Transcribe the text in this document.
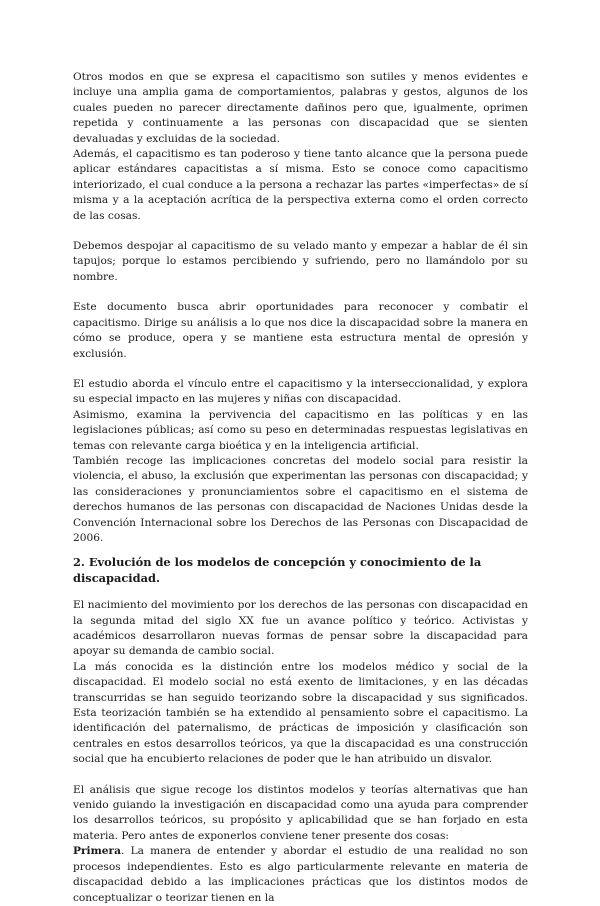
Otros modos en que se expresa el capacitismo son sutiles y menos evidentes e incluye una amplia gama de comportamientos, palabras y gestos, algunos de los cuales pueden no parecer directamente dañinos pero que, igualmente, oprimen repetida y continuamente a las personas con discapacidad que se sienten devaluadas y excluidas de la sociedad.

Además, el capacitismo es tan poderoso y tiene tanto alcance que la persona puede aplicar estándares capacitistas a sí misma. Esto se conoce como capacitismo interiorizado, el cual conduce a la persona a rechazar las partes «imperfectas» de sí misma y a la aceptación acrítica de la perspectiva externa como el orden correcto de las cosas.

Debemos despojar al capacitismo de su velado manto y empezar a hablar de él sin tapujos; porque lo estamos percibiendo y sufriendo, pero no llamándolo por su nombre.

Este documento busca abrir oportunidades para reconocer y combatir el capacitismo. Dirige su análisis a lo que nos dice la discapacidad sobre la manera en cómo se produce, opera y se mantiene esta estructura mental de opresión y exclusión.

El estudio aborda el vínculo entre el capacitismo y la interseccionalidad, y explora su especial impacto en las mujeres y niñas con discapacidad.

Asimismo, examina la pervivencia del capacitismo en las políticas y en las legislaciones públicas; así como su peso en determinadas respuestas legislativas en temas con relevante carga bioética y en la inteligencia artificial.

También recoge las implicaciones concretas del modelo social para resistir la violencia, el abuso, la exclusión que experimentan las personas con discapacidad; y las consideraciones y pronunciamientos sobre el capacitismo en el sistema de derechos humanos de las personas con discapacidad de Naciones Unidas desde la Convención Internacional sobre los Derechos de las Personas con Discapacidad de 2006.

2. Evolución de los modelos de concepción y conocimiento de la discapacidad.

El nacimiento del movimiento por los derechos de las personas con discapacidad en la segunda mitad del siglo XX fue un avance político y teórico. Activistas y académicos desarrollaron nuevas formas de pensar sobre la discapacidad para apoyar su demanda de cambio social.

La más conocida es la distinción entre los modelos médico y social de la discapacidad. El modelo social no está exento de limitaciones, y en las décadas transcurridas se han seguido teorizando sobre la discapacidad y sus significados. Esta teorización también se ha extendido al pensamiento sobre el capacitismo. La identificación del paternalismo, de prácticas de imposición y clasificación son centrales en estos desarrollos teóricos, ya que la discapacidad es una construcción social que ha encubierto relaciones de poder que le han atribuido un disvalor.

El análisis que sigue recoge los distintos modelos y teorías alternativas que han venido guiando la investigación en discapacidad como una ayuda para comprender los desarrollos teóricos, su propósito y aplicabilidad que se han forjado en esta materia. Pero antes de exponerlos conviene tener presente dos cosas:

Primera. La manera de entender y abordar el estudio de una realidad no son procesos independientes. Esto es algo particularmente relevante en materia de discapacidad debido a las implicaciones prácticas que los distintos modos de conceptualizar o teorizar tienen en la
